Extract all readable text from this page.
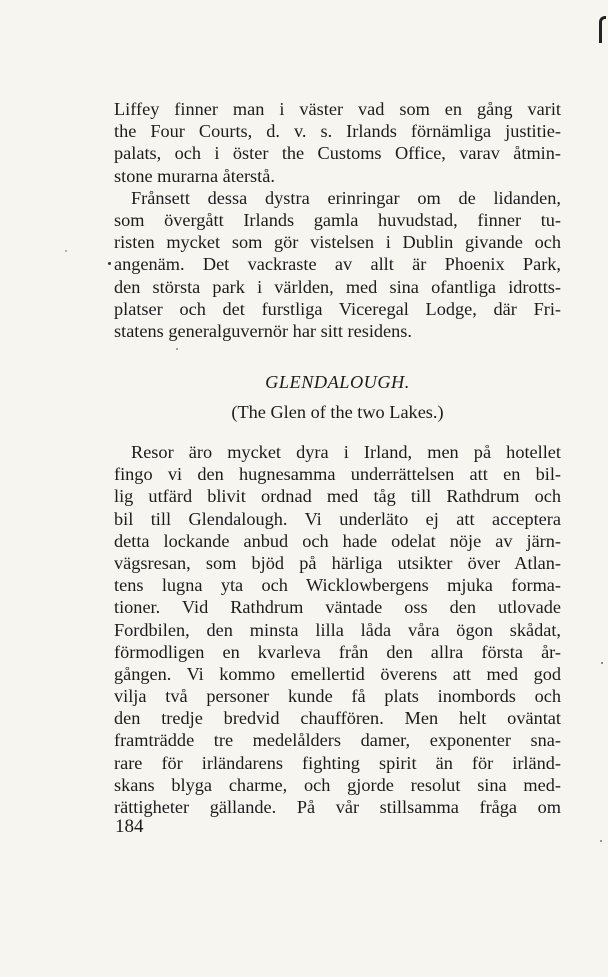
Liffey finner man i väster vad som en gång varit
the Four Courts, d. v. s. Irlands förnämliga justitie-
palats, och i öster the Customs Office, varav åtmin-
stone murarna återstå.
Frånsett dessa dystra erinringar om de lidanden,
som övergått Irlands gamla huvudstad, finner tu-
risten mycket som gör vistelsen i Dublin givande och
angenäm. Det vackraste av allt är Phoenix Park,
den största park i världen, med sina ofantliga idrotts-
platser och det furstliga Viceregal Lodge, där Fri-
statens generalguvernör har sitt residens.
GLENDALOUGH.
(The Glen of the two Lakes.)
Resor äro mycket dyra i Irland, men på hotellet
fingo vi den hugnesamma underrättelsen att en bil-
lig utfärd blivit ordnad med tåg till Rathdrum och
bil till Glendalough. Vi underläto ej att acceptera
detta lockande anbud och hade odelat nöje av järn-
vägsresan, som bjöd på härliga utsikter över Atlan-
tens lugna yta och Wicklowbergens mjuka forma-
tioner. Vid Rathdrum väntade oss den utlovade
Fordbilen, den minsta lilla låda våra ögon skådat,
förmodligen en kvarleva från den allra första år-
gången. Vi kommo emellertid överens att med god
vilja två personer kunde få plats inombords och
den tredje bredvid chauffören. Men helt oväntat
framträdde tre medelålders damer, exponenter sna-
rare för irländarens fighting spirit än för irländ-
skans blyga charme, och gjorde resolut sina med-
rättigheter gällande. På vår stillsamma fråga om
184
